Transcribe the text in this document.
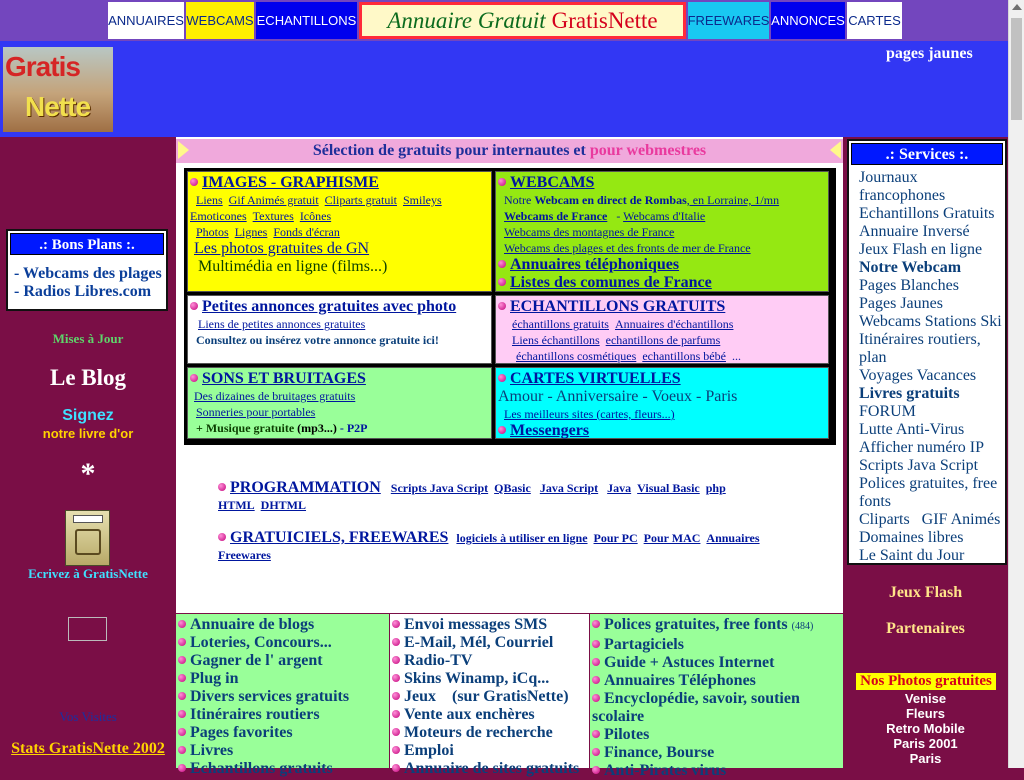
ANNUAIRES WEBCAMS ECHANTILLONS Annuaire Gratuit GratisNette FREEWARES ANNONCES CARTES
Gratis
Nette
pages jaunes
.: Bons Plans :.
- Webcams des plages
- Radios Libres.com
Mises à Jour
Le Blog
Signez
notre livre d'or
*
Ecrivez à GratisNette
Vos Visites
Stats GratisNette 2002
Sélection de gratuits pour internautes et pour webmestres
IMAGES - GRAPHISME
Liens Gif Animés gratuit Cliparts gratuit Smileys
Emoticones Textures Icônes
Photos Lignes Fonds d'écran
Les photos gratuites de GN
Multimédia en ligne (films...)
WEBCAMS
Notre Webcam en direct de Rombas, en Lorraine, 1/mn
Webcams de France - Webcams d'Italie
Webcams des montagnes de France
Webcams des plages et des fronts de mer de France
Annuaires téléphoniques
Listes des comunes de France
Petites annonces gratuites avec photo
Liens de petites annonces gratuites
Consultez ou insérez votre annonce gratuite ici!
ECHANTILLONS GRATUITS
échantillons gratuits Annuaires d'échantillons
Liens échantillons echantillons de parfums
échantillons cosmétiques echantillons bébé ...
SONS ET BRUITAGES
Des dizaines de bruitages gratuits
Sonneries pour portables
+ Musique gratuite (mp3...) - P2P
CARTES VIRTUELLES
Amour - Anniversaire - Voeux - Paris
Les meilleurs sites (cartes, fleurs...)
Messengers
PROGRAMMATION Scripts Java Script QBasic Java Script Java Visual Basic php
HTML DHTML
GRATUICIELS, FREEWARES logiciels à utiliser en ligne Pour PC Pour MAC Annuaires
Freewares
Annuaire de blogs
Loteries, Concours...
Gagner de l' argent
Plug in
Divers services gratuits
Itinéraires routiers
Pages favorites
Livres
Echantillons gratuits
Envoi messages SMS
E-Mail, Mél, Courriel
Radio-TV
Skins Winamp, iCq...
Jeux    (sur GratisNette)
Vente aux enchères
Moteurs de recherche
Emploi
Annuaire de sites gratuits
Polices gratuites, free fonts (484)
Partagiciels
Guide + Astuces Internet
Annuaires Téléphones
Encyclopédie, savoir, soutien scolaire
Pilotes
Finance, Bourse
Anti-Pirates virus
.: Services :.
Journaux francophones
Echantillons Gratuits
Annuaire Inversé
Jeux Flash en ligne
Notre Webcam
Pages Blanches
Pages Jaunes
Webcams Stations Ski
Itinéraires routiers, plan
Voyages Vacances
Livres gratuits
FORUM
Lutte Anti-Virus
Afficher numéro IP
Scripts Java Script
Polices gratuites, free fonts
Cliparts   GIF Animés
Domaines libres
Le Saint du Jour
Jeux Flash
Partenaires
Nos Photos gratuites
Venise
Fleurs
Retro Mobile
Paris 2001
Paris
